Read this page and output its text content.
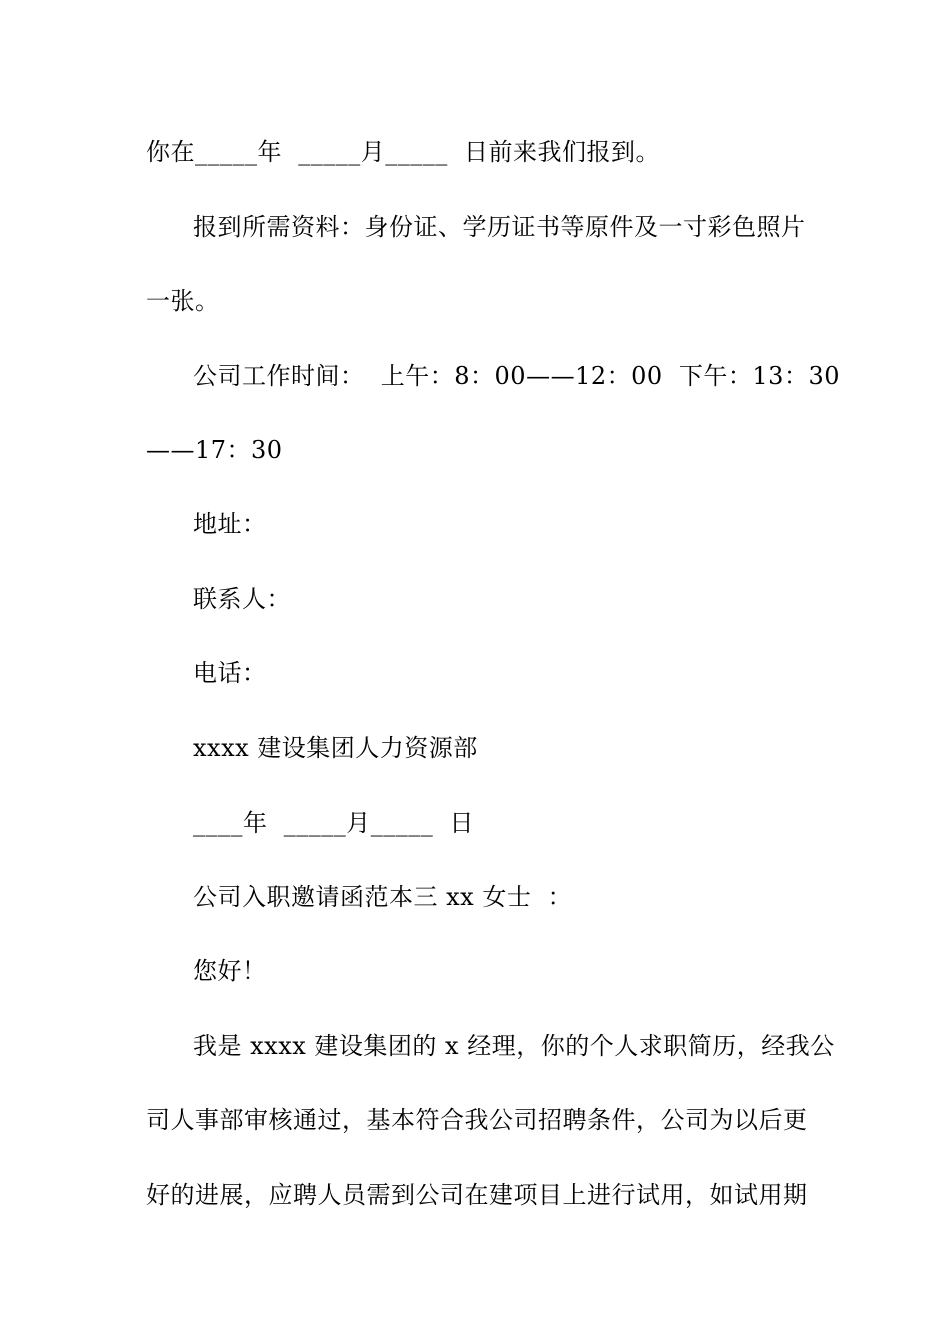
你在_____年  _____月_____  日前来我们报到。
报到所需资料：身份证、学历证书等原件及一寸彩色照片
一张。
公司工作时间：  上午：8：00——12：00  下午：13：30
——17：30
地址：
联系人：
电话：
xxxx 建设集团人力资源部
____年  _____月_____  日
公司入职邀请函范本三 xx 女士  ：
您好！
我是 xxxx 建设集团的 x 经理，你的个人求职简历，经我公
司人事部审核通过，基本符合我公司招聘条件，公司为以后更
好的进展，应聘人员需到公司在建项目上进行试用，如试用期
